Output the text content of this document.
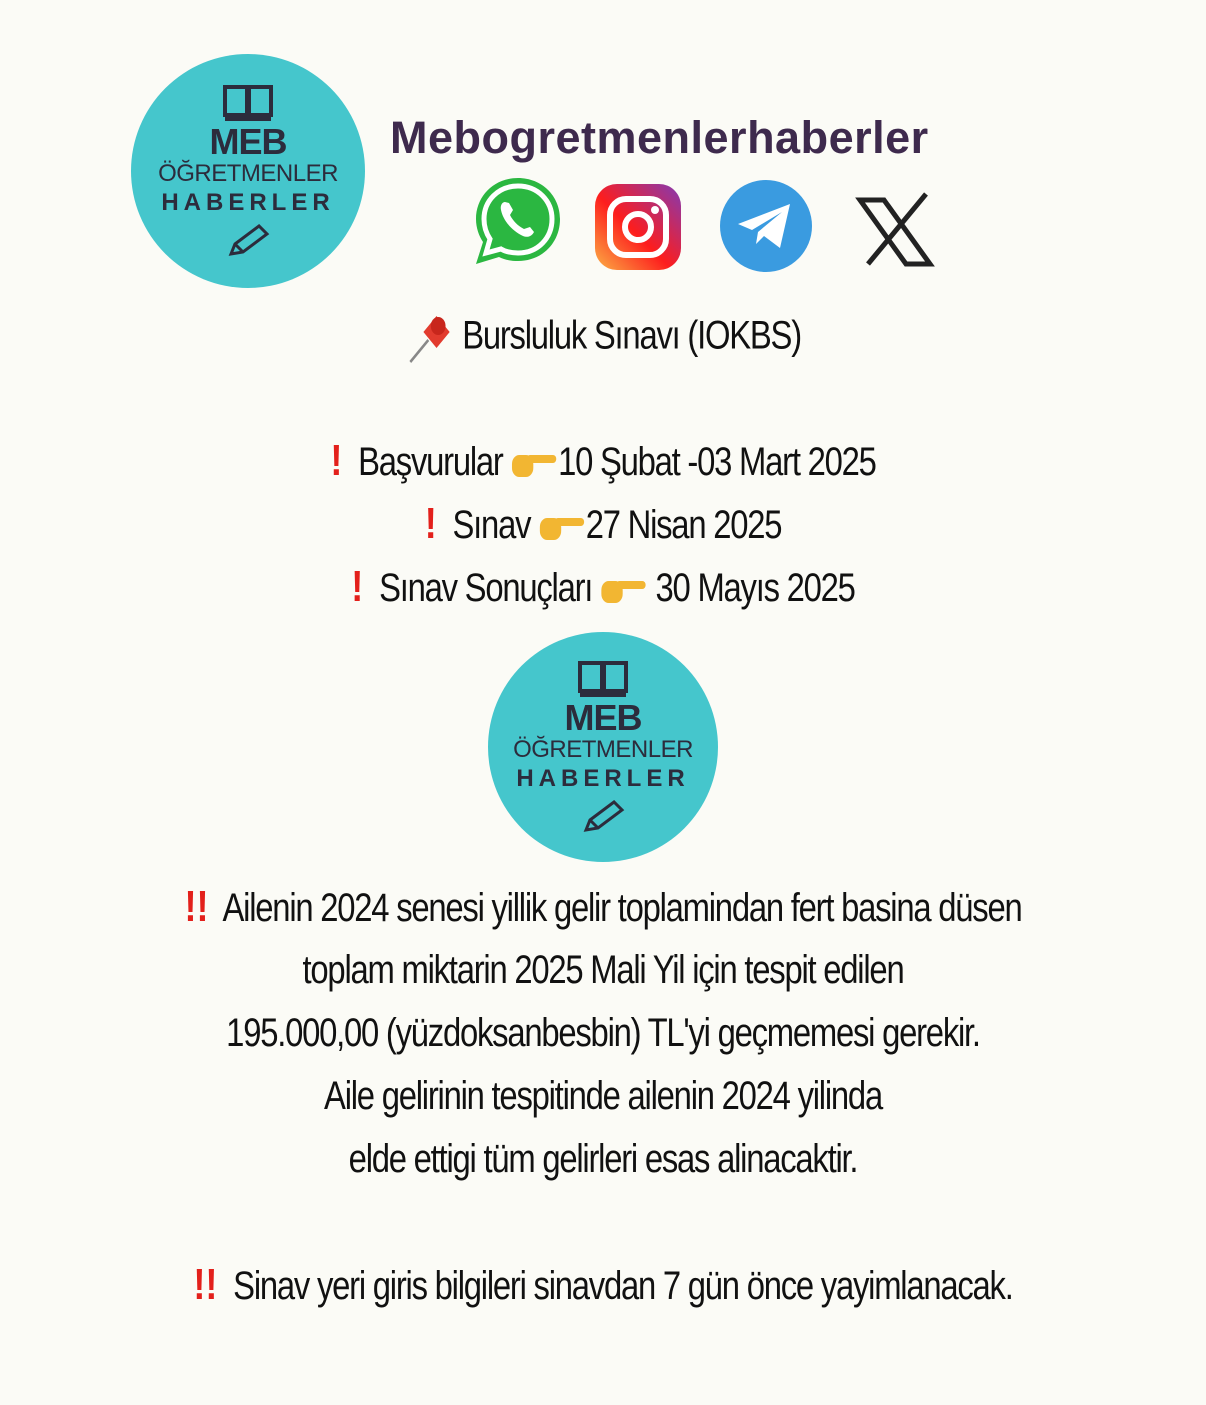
MEB
ÖĞRETMENLER
HABERLER
Mebogretmenlerhaberler
Bursluluk Sınavı (IOKBS)
! Başvurular 10 Şubat -03 Mart 2025
! Sınav 27 Nisan 2025
! Sınav Sonuçları 30 Mayıs 2025
MEB
ÖĞRETMENLER
HABERLER
!! Ailenin 2024 senesi yillik gelir toplamindan fert basina düsen
toplam miktarin 2025 Mali Yil için tespit edilen
195.000,00 (yüzdoksanbesbin) TL'yi geçmemesi gerekir.
Aile gelirinin tespitinde ailenin 2024 yilinda
elde ettigi tüm gelirleri esas alinacaktir.
!! Sinav yeri giris bilgileri sinavdan 7 gün önce yayimlanacak.
